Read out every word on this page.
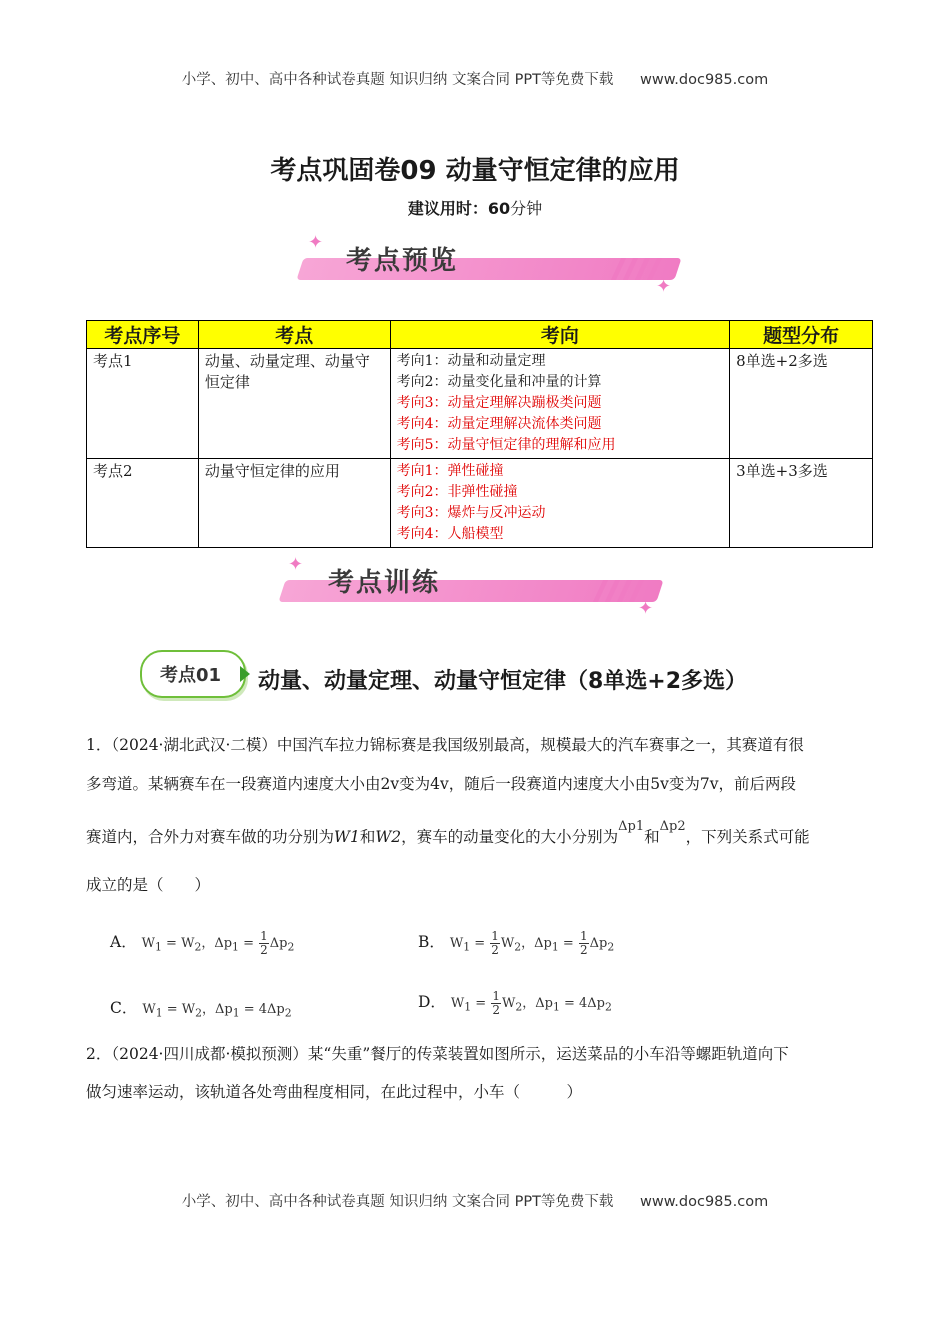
小学、初中、高中各种试卷真题 知识归纳 文案合同 PPT等免费下载 www.doc985.com
考点巩固卷09 动量守恒定律的应用
建议用时：60分钟
✦
✦
考点预览
考点序号	考点	考向	题型分布
考点1	动量、动量定理、动量守恒定律	考向1：动量和动量定理
考向2：动量变化量和冲量的计算
考向3：动量定理解决蹦极类问题
考向4：动量定理解决流体类问题
考向5：动量守恒定律的理解和应用	8单选+2多选
考点2	动量守恒定律的应用	考向1：弹性碰撞
考向2：非弹性碰撞
考向3：爆炸与反冲运动
考向4：人船模型	3单选+3多选
✦
✦
考点训练
考点01 动量、动量定理、动量守恒定律（8单选+2多选）
1．（2024·湖北武汉·二模）中国汽车拉力锦标赛是我国级别最高，规模最大的汽车赛事之一，其赛道有很
多弯道。某辆赛车在一段赛道内速度大小由2v变为4v，随后一段赛道内速度大小由5v变为7v，前后两段
赛道内，合外力对赛车做的功分别为W1和W2，赛车的动量变化的大小分别为$^{\Delta p1}$和$^{\Delta p2}$，下列关系式可能
成立的是（　　）
A． $W_1 = W_2$，$\Delta p_1 = \frac{1}{2} \Delta p_2$	B． $W_1 = \frac{1}{2} W_2$，$\Delta p_1 = \frac{1}{2} \Delta p_2$
C． $W_1 = W_2$，$\Delta p_1 = 4\Delta p_2$
D． $W_1 = \frac{1}{2} W_2$，$\Delta p_1 = 4\Delta p_2$
2．（2024·四川成都·模拟预测）某“失重”餐厅的传菜装置如图所示，运送菜品的小车沿等螺距轨道向下
做匀速率运动，该轨道各处弯曲程度相同，在此过程中，小车（　　　）
小学、初中、高中各种试卷真题 知识归纳 文案合同 PPT等免费下载 www.doc985.com
